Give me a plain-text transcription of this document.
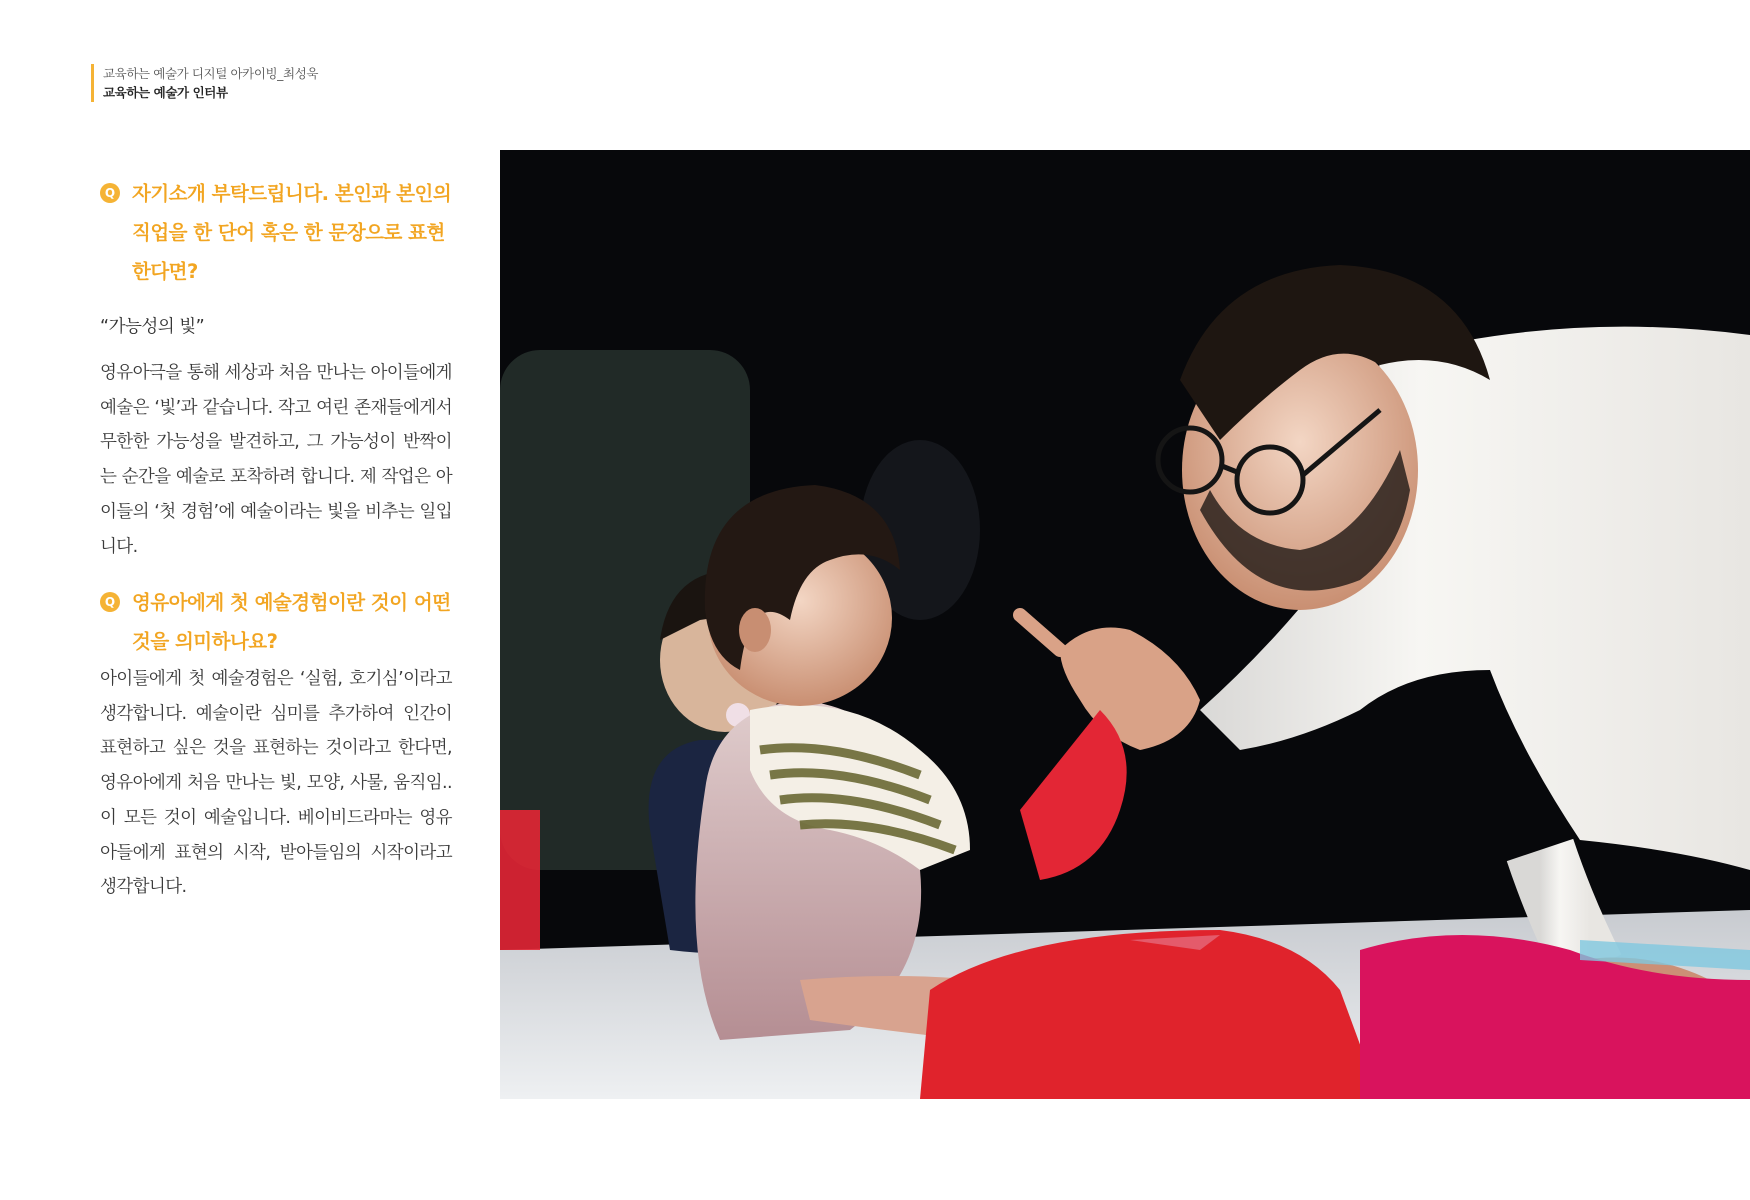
교육하는 예술가 디지털 아카이빙_최성욱
교육하는 예술가 인터뷰
Q 자기소개 부탁드립니다. 본인과 본인의 직업을 한 단어 혹은 한 문장으로 표현한다면?
“가능성의 빛”
영유아극을 통해 세상과 처음 만나는 아이들에게 예술은 ‘빛’과 같습니다. 작고 여린 존재들에게서 무한한 가능성을 발견하고, 그 가능성이 반짝이는 순간을 예술로 포착하려 합니다. 제 작업은 아이들의 ‘첫 경험’에 예술이라는 빛을 비추는 일입니다.
Q 영유아에게 첫 예술경험이란 것이 어떤 것을 의미하나요?
아이들에게 첫 예술경험은 ‘실험, 호기심’이라고 생각합니다. 예술이란 심미를 추가하여 인간이 표현하고 싶은 것을 표현하는 것이라고 한다면, 영유아에게 처음 만나는 빛, 모양, 사물, 움직임..이 모든 것이 예술입니다. 베이비드라마는 영유아들에게 표현의 시작, 받아들임의 시작이라고 생각합니다.
